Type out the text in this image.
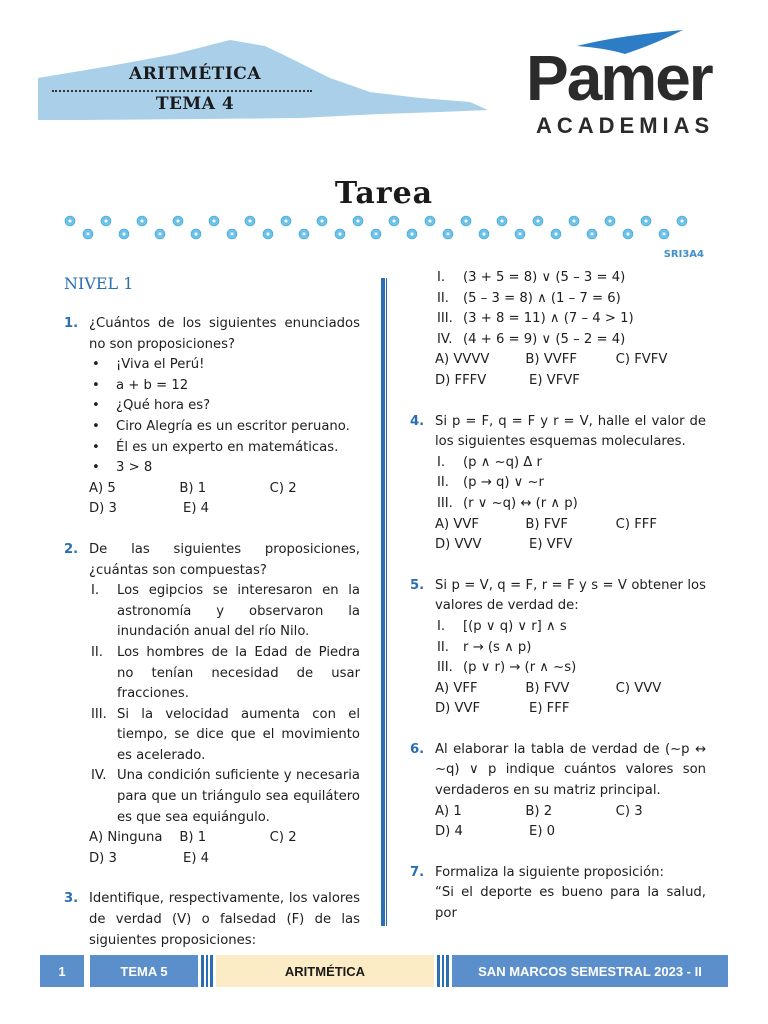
ARITMÉTICA
TEMA 4	Pamer
ACADEMIAS
Tarea
SRI3A4
NIVEL 1
1. ¿Cuántos de los siguientes enunciados no son proposiciones?
• ¡Viva el Perú!
• a + b = 12
• ¿Qué hora es?
• Ciro Alegría es un escritor peruano.
• Él es un experto en matemáticas.
• 3 > 8
A) 5	B) 1	C) 2
D) 3	E) 4
2. De las siguientes proposiciones, ¿cuántas son compuestas?
I. Los egipcios se interesaron en la astronomía y observaron la inundación anual del río Nilo.
II. Los hombres de la Edad de Piedra no tenían necesidad de usar fracciones.
III. Si la velocidad aumenta con el tiempo, se dice que el movimiento es acelerado.
IV. Una condición suficiente y necesaria para que un triángulo sea equilátero es que sea equiángulo.
A) Ninguna	B) 1	C) 2
D) 3	E) 4
3. Identifique, respectivamente, los valores de verdad (V) o falsedad (F) de las siguientes proposiciones:
I. (3 + 5 = 8) ∨ (5 – 3 = 4)
II. (5 – 3 = 8) ∧ (1 – 7 = 6)
III. (3 + 8 = 11) ∧ (7 – 4 > 1)
IV. (4 + 6 = 9) ∨ (5 – 2 = 4)
A) VVVV	B) VVFF	C) FVFV
D) FFFV	E) VFVF
4. Si p = F, q = F y r = V, halle el valor de los siguientes esquemas moleculares.
I. (p ∧ ~q) Δ r
II. (p → q) ∨ ~r
III. (r ∨ ~q) ↔ (r ∧ p)
A) VVF	B) FVF	C) FFF
D) VVV	E) VFV
5. Si p = V, q = F, r = F y s = V obtener los valores de verdad de:
I. [(p ∨ q) ∨ r] ∧ s
II. r → (s ∧ p)
III. (p ∨ r) → (r ∧ ~s)
A) VFF	B) FVV	C) VVV
D) VVF	E) FFF
6. Al elaborar la tabla de verdad de (~p ↔ ~q) ∨ p indique cuántos valores son verdaderos en su matriz principal.
A) 1	B) 2	C) 3
D) 4	E) 0
7. Formaliza la siguiente proposición:
“Si el deporte es bueno para la salud, por
1	TEMA 5	ARITMÉTICA	SAN MARCOS SEMESTRAL 2023 - II
